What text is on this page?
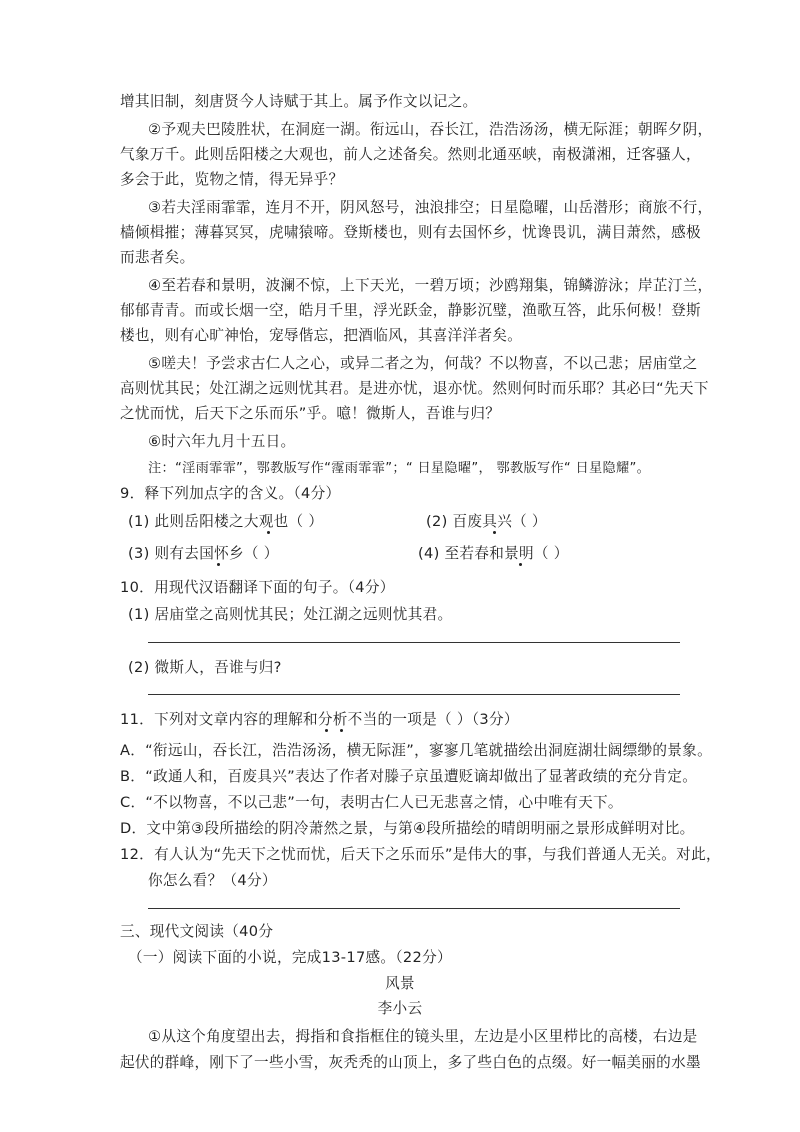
增其旧制，刻唐贤今人诗赋于其上。属予作文以记之。
②予观夫巴陵胜状，在洞庭一湖。衔远山，吞长江，浩浩汤汤，横无际涯；朝晖夕阴，
气象万千。此则岳阳楼之大观也，前人之述备矣。然则北通巫峡，南极潇湘，迁客骚人，
多会于此，览物之情，得无异乎？
③若夫淫雨霏霏，连月不开，阴风怒号，浊浪排空；日星隐曜，山岳潜形；商旅不行，
樯倾楫摧；薄暮冥冥，虎啸猿啼。登斯楼也，则有去国怀乡，忧谗畏讥，满目萧然，感极
而悲者矣。
④至若春和景明，波澜不惊，上下天光，一碧万顷；沙鸥翔集，锦鳞游泳；岸芷汀兰，
郁郁青青。而或长烟一空，皓月千里，浮光跃金，静影沉璧，渔歌互答，此乐何极！登斯
楼也，则有心旷神怡，宠辱偕忘，把酒临风，其喜洋洋者矣。
⑤嗟夫！予尝求古仁人之心，或异二者之为，何哉？不以物喜，不以己悲；居庙堂之
高则忧其民；处江湖之远则忧其君。是进亦忧，退亦忧。然则何时而乐耶？其必曰“先天下
之忧而忧，后天下之乐而乐”乎。噫！微斯人，吾谁与归？
⑥时六年九月十五日。
注：“淫雨霏霏”，鄂教版写作“霪雨霏霏”；“ 日星隐曜”， 鄂教版写作“ 日星隐耀”。
9．释下列加点字的含义。（4分）
(1) 此则岳阳楼之大观也（ ）	(2) 百废具兴（ ）
(3) 则有去国怀乡（ ）	(4) 至若春和景明（ ）
10．用现代汉语翻译下面的句子。（4分）
(1) 居庙堂之高则忧其民；处江湖之远则忧其君。
(2) 微斯人，吾谁与归?
11．下列对文章内容的理解和分析不当的一项是（ ）（3分）
A．“衔远山，吞长江，浩浩汤汤，横无际涯”，寥寥几笔就描绘出洞庭湖壮阔缥缈的景象。
B．“政通人和，百废具兴”表达了作者对滕子京虽遭贬谪却做出了显著政绩的充分肯定。
C．“不以物喜，不以己悲”一句，表明古仁人已无悲喜之情，心中唯有天下。
D．文中第③段所描绘的阴冷萧然之景，与第④段所描绘的晴朗明丽之景形成鲜明对比。
12．有人认为“先天下之忧而忧，后天下之乐而乐”是伟大的事，与我们普通人无关。对此，
你怎么看？（4分）
三、现代文阅读（40分
（一）阅读下面的小说，完成13-17感。（22分）
风景
李小云
①从这个角度望出去，拇指和食指框住的镜头里，左边是小区里栉比的高楼，右边是
起伏的群峰，刚下了一些小雪，灰秃秃的山顶上，多了些白色的点缀。好一幅美丽的水墨
